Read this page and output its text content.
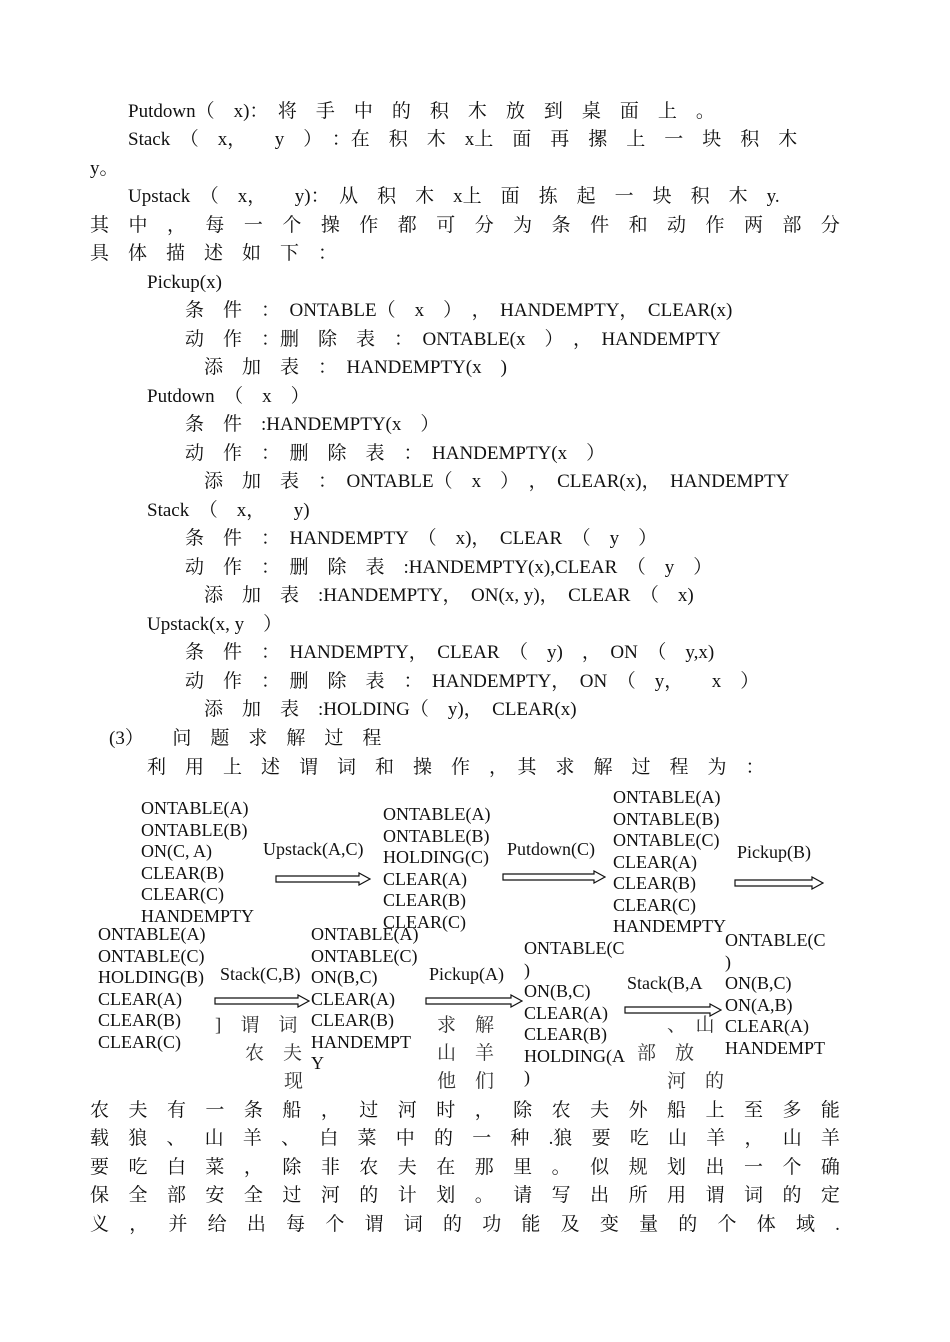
Putdown（　x)：　将　手　中　的　积　木　放　到　桌　面　上　。
Stack　（　x，　　y　）　：在　积　木　x上　面　再　摞　上　一　块　积　木
y。
Upstack　（　x，　　y)：　从　积　木　x上　面　拣　起　一　块　积　木　y.
其 中 ， 每 一 个 操 作 都 可 分 为 条 件 和 动 作 两 部 分
具　体　描　述　如　下　：
Pickup(x)
条　件　：　ONTABLE（　x　）　，　HANDEMPTY，　CLEAR(x)
动　作　：删　除　表　：　ONTABLE(x　）　，　HANDEMPTY
添　加　表　：　HANDEMPTY(x　)
Putdown　（　x　）
条　件　:HANDEMPTY(x　）
动　作　：　删　除　表　：　HANDEMPTY(x　）
添　加　表　：　ONTABLE（　x　）　，　CLEAR(x)，　HANDEMPTY
Stack　（　x，　　y)
条　件　：　HANDEMPTY　（　x)，　CLEAR　（　y　）
动　作　：　删　除　表　:HANDEMPTY(x),CLEAR　（　y　）
添　加　表　:HANDEMPTY，　ON(x, y)，　CLEAR　（　x)
Upstack(x, y　）
条　件　：　HANDEMPTY，　CLEAR　（　y)　，　ON　（　y,x)
动　作　：　删　除　表　：　HANDEMPTY，　ON　（　y，　　x　）
添　加　表　:HOLDING（　y)，　CLEAR(x)
(3）　　问　题　求　解　过　程
利　用　上　述　谓　词　和　操　作　，　其　求　解　过　程　为　：
]　谓　词
农　夫
求　解
山　羊
他　们
现
、　山
部　放
河　的
ONTABLE(A)
ONTABLE(B)
ON(C, A)
CLEAR(B)
CLEAR(C)
HANDEMPTY
Upstack(A,C)
ONTABLE(A)
ONTABLE(B)
HOLDING(C)
CLEAR(A)
CLEAR(B)
CLEAR(C)
Putdown(C)
ONTABLE(A)
ONTABLE(B)
ONTABLE(C)
CLEAR(A)
CLEAR(B)
CLEAR(C)
HANDEMPTY
Pickup(B)
ONTABLE(A)
ONTABLE(C)
HOLDING(B)
CLEAR(A)
CLEAR(B)
CLEAR(C)
Stack(C,B)
ONTABLE(A)
ONTABLE(C)
ON(B,C)
CLEAR(A)
CLEAR(B)
HANDEMPT
Y
Pickup(A)
ONTABLE(C
)
ON(B,C)
CLEAR(A)
CLEAR(B)
HOLDING(A
)
Stack(B,A
ONTABLE(C
)
ON(B,C)
ON(A,B)
CLEAR(A)
HANDEMPT
农 夫 有 一 条 船 ， 过 河 时 ， 除 农 夫 外 船 上 至 多 能
载 狼 、 山 羊 、 白 菜 中 的 一 种 .狼 要 吃 山 羊 ， 山 羊
要 吃 白 菜 ， 除 非 农 夫 在 那 里 。 似 规 划 出 一 个 确
保 全 部 安 全 过 河 的 计 划 。 请 写 出 所 用 谓 词 的 定
义 ， 并 给 出 每 个 谓 词 的 功 能 及 变 量 的 个 体 域 .
